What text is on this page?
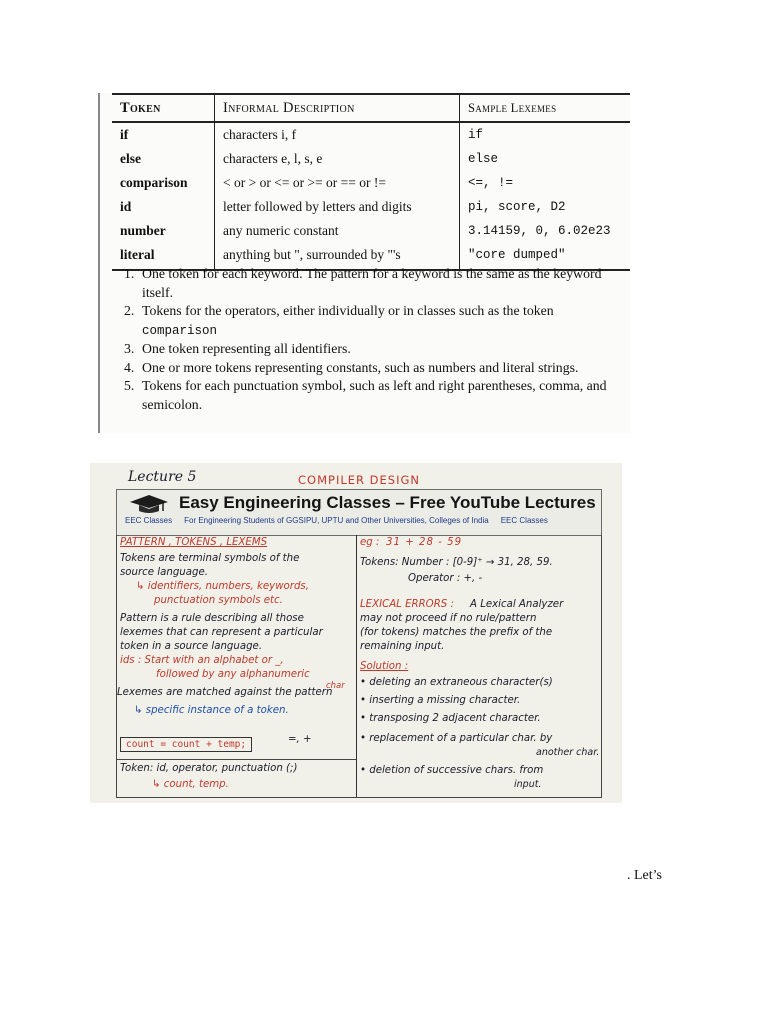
Token	Informal Description	Sample Lexemes
if	characters i, f	if
else	characters e, l, s, e	else
comparison	< or > or <= or >= or == or !=	<=, !=
id	letter followed by letters and digits	pi, score, D2
number	any numeric constant	3.14159, 0, 6.02e23
literal	anything but ", surrounded by "'s	"core dumped"
1. One token for each keyword. The pattern for a keyword is the same as the keyword itself.
2. Tokens for the operators, either individually or in classes such as the token
comparison
3. One token representing all identifiers.
4. One or more tokens representing constants, such as numbers and literal strings.
5. Tokens for each punctuation symbol, such as left and right parentheses, comma, and semicolon.
Lecture 5	COMPILER DESIGN
Easy Engineering Classes – Free YouTube Lectures
EEC Classes For Engineering Students of GGSIPU, UPTU and Other Universities, Colleges of India EEC Classes
PATTERN , TOKENS , LEXEMS
Tokens are terminal symbols of the
source language.
↳ identifiers, numbers, keywords,
punctuation symbols etc.
Pattern is a rule describing all those
lexemes that can represent a particular
token in a source language.
ids : Start with an alphabet or _,
followed by any alphanumeric
char
Lexemes are matched against the pattern
↳ specific instance of a token.
count = count + temp;	=, +
Token: id, operator, punctuation (;)
↳ count, temp.
eg : 31 + 28 - 59
Tokens: Number : [0-9]⁺ → 31, 28, 59.
Operator : +, -
LEXICAL ERRORS : A Lexical Analyzer
may not proceed if no rule/pattern
(for tokens) matches the prefix of the
remaining input.
Solution :
• deleting an extraneous character(s)
• inserting a missing character.
• transposing 2 adjacent character.
• replacement of a particular char. by
another char.
• deletion of successive chars. from
input.
. Let’s
